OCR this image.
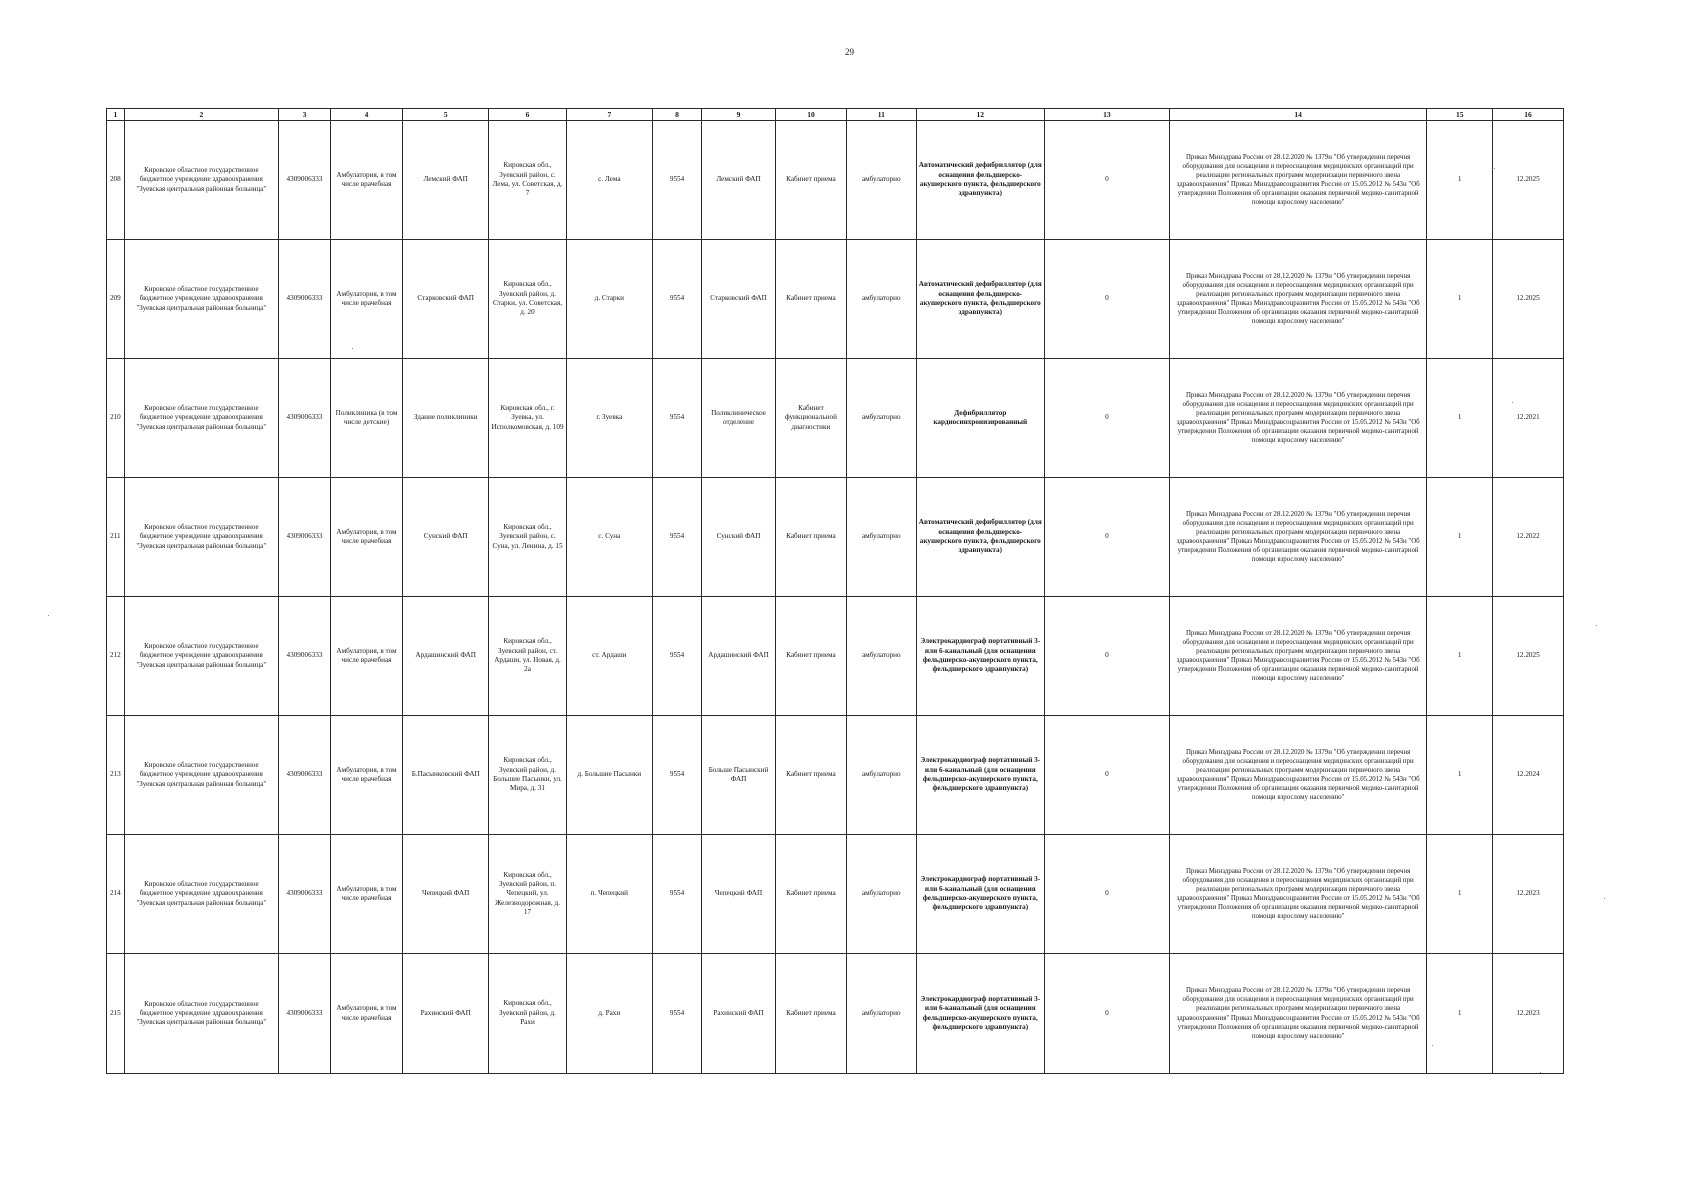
29
1	2	3	4	5	6	7	8	9	10	11	12	13	14	15	16
208	Кировское областное государственное бюджетное учреждение здравоохранения "Зуевская центральная районная больница"	4309006333	Амбулатория, в том числе врачебная	Лемский ФАП	Кировская обл., Зуевский район, с. Лема, ул. Советская, д. 7	с. Лема	9554	Лемский ФАП	Кабинет приема	амбулаторно	Автоматический дефибриллятор (для оснащения фельдшерско-акушерского пункта, фельдшерского здравпункта)	0	Приказ Минздрава России от 28.12.2020 № 1379н "Об утверждении перечня оборудования для оснащения и переоснащения медицинских организаций при реализации региональных программ модернизации первичного звена здравоохранения" Приказ Минздравсоцразвития России от 15.05.2012 № 543н "Об утверждении Положения об организации оказания первичной медико-санитарной помощи взрослому населению"	1	12.2025
209	Кировское областное государственное бюджетное учреждение здравоохранения "Зуевская центральная районная больница"	4309006333	Амбулатория, в том числе врачебная	Старковский ФАП	Кировская обл., Зуевский район, д. Старки, ул. Советская, д. 20	д. Старки	9554	Старковский ФАП	Кабинет приема	амбулаторно	Автоматический дефибриллятор (для оснащения фельдшерско-акушерского пункта, фельдшерского здравпункта)	0	Приказ Минздрава России от 28.12.2020 № 1379н "Об утверждении перечня оборудования для оснащения и переоснащения медицинских организаций при реализации региональных программ модернизации первичного звена здравоохранения" Приказ Минздравсоцразвития России от 15.05.2012 № 543н "Об утверждении Положения об организации оказания первичной медико-санитарной помощи взрослому населению"	1	12.2025
210	Кировское областное государственное бюджетное учреждение здравоохранения "Зуевская центральная районная больница"	4309006333	Поликлиника (в том числе детские)	Здание поликлиники	Кировская обл., г. Зуевка, ул. Исполкомовская, д. 109	г. Зуевка	9554	Поликлиническое отделение	Кабинет функциональной диагностики	амбулаторно	Дефибриллятор кардиосинхронизированный	0	Приказ Минздрава России от 28.12.2020 № 1379н "Об утверждении перечня оборудования для оснащения и переоснащения медицинских организаций при реализации региональных программ модернизации первичного звена здравоохранения" Приказ Минздравсоцразвития России от 15.05.2012 № 543н "Об утверждении Положения об организации оказания первичной медико-санитарной помощи взрослому населению"	1	12.2021
211	Кировское областное государственное бюджетное учреждение здравоохранения "Зуевская центральная районная больница"	4309006333	Амбулатория, в том числе врачебная	Сунский ФАП	Кировская обл., Зуевский район, с. Суна, ул. Ленина, д. 15	с. Суна	9554	Сунский ФАП	Кабинет приема	амбулаторно	Автоматический дефибриллятор (для оснащения фельдшерско-акушерского пункта, фельдшерского здравпункта)	0	Приказ Минздрава России от 28.12.2020 № 1379н "Об утверждении перечня оборудования для оснащения и переоснащения медицинских организаций при реализации региональных программ модернизации первичного звена здравоохранения" Приказ Минздравсоцразвития России от 15.05.2012 № 543н "Об утверждении Положения об организации оказания первичной медико-санитарной помощи взрослому населению"	1	12.2022
212	Кировское областное государственное бюджетное учреждение здравоохранения "Зуевская центральная районная больница"	4309006333	Амбулатория, в том числе врачебная	Ардашинский ФАП	Кировская обл., Зуевский район, ст. Ардаши, ул. Новая, д. 2а	ст. Ардаши	9554	Ардашинский ФАП	Кабинет приема	амбулаторно	Электрокардиограф портативный 3- или 6-канальный (для оснащения фельдшерско-акушерского пункта, фельдшерского здравпункта)	0	Приказ Минздрава России от 28.12.2020 № 1379н "Об утверждении перечня оборудования для оснащения и переоснащения медицинских организаций при реализации региональных программ модернизации первичного звена здравоохранения" Приказ Минздравсоцразвития России от 15.05.2012 № 543н "Об утверждении Положения об организации оказания первичной медико-санитарной помощи взрослому населению"	1	12.2025
213	Кировское областное государственное бюджетное учреждение здравоохранения "Зуевская центральная районная больница"	4309006333	Амбулатория, в том числе врачебная	Б.Пасынковский ФАП	Кировская обл., Зуевский район, д. Большие Пасынки, ул. Мира, д. 31	д. Большие Пасынки	9554	Больше Пасынский ФАП	Кабинет приема	амбулаторно	Электрокардиограф портативный 3- или 6-канальный (для оснащения фельдшерско-акушерского пункта, фельдшерского здравпункта)	0	Приказ Минздрава России от 28.12.2020 № 1379н "Об утверждении перечня оборудования для оснащения и переоснащения медицинских организаций при реализации региональных программ модернизации первичного звена здравоохранения" Приказ Минздравсоцразвития России от 15.05.2012 № 543н "Об утверждении Положения об организации оказания первичной медико-санитарной помощи взрослому населению"	1	12.2024
214	Кировское областное государственное бюджетное учреждение здравоохранения "Зуевская центральная районная больница"	4309006333	Амбулатория, в том числе врачебная	Чепецкий ФАП	Кировская обл., Зуевский район, п. Чепецкий, ул. Железнодорожная, д. 17	п. Чепецкий	9554	Чепецкий ФАП	Кабинет приема	амбулаторно	Электрокардиограф портативный 3- или 6-канальный (для оснащения фельдшерско-акушерского пункта, фельдшерского здравпункта)	0	Приказ Минздрава России от 28.12.2020 № 1379н "Об утверждении перечня оборудования для оснащения и переоснащения медицинских организаций при реализации региональных программ модернизации первичного звена здравоохранения" Приказ Минздравсоцразвития России от 15.05.2012 № 543н "Об утверждении Положения об организации оказания первичной медико-санитарной помощи взрослому населению"	1	12.2023
215	Кировское областное государственное бюджетное учреждение здравоохранения "Зуевская центральная районная больница"	4309006333	Амбулатория, в том числе врачебная	Рахинский ФАП	Кировская обл., Зуевский район, д. Рахи	д. Рахи	9554	Рахинский ФАП	Кабинет приема	амбулаторно	Электрокардиограф портативный 3- или 6-канальный (для оснащения фельдшерско-акушерского пункта, фельдшерского здравпункта)	0	Приказ Минздрава России от 28.12.2020 № 1379н "Об утверждении перечня оборудования для оснащения и переоснащения медицинских организаций при реализации региональных программ модернизации первичного звена здравоохранения" Приказ Минздравсоцразвития России от 15.05.2012 № 543н "Об утверждении Положения об организации оказания первичной медико-санитарной помощи взрослому населению"	1	12.2023
